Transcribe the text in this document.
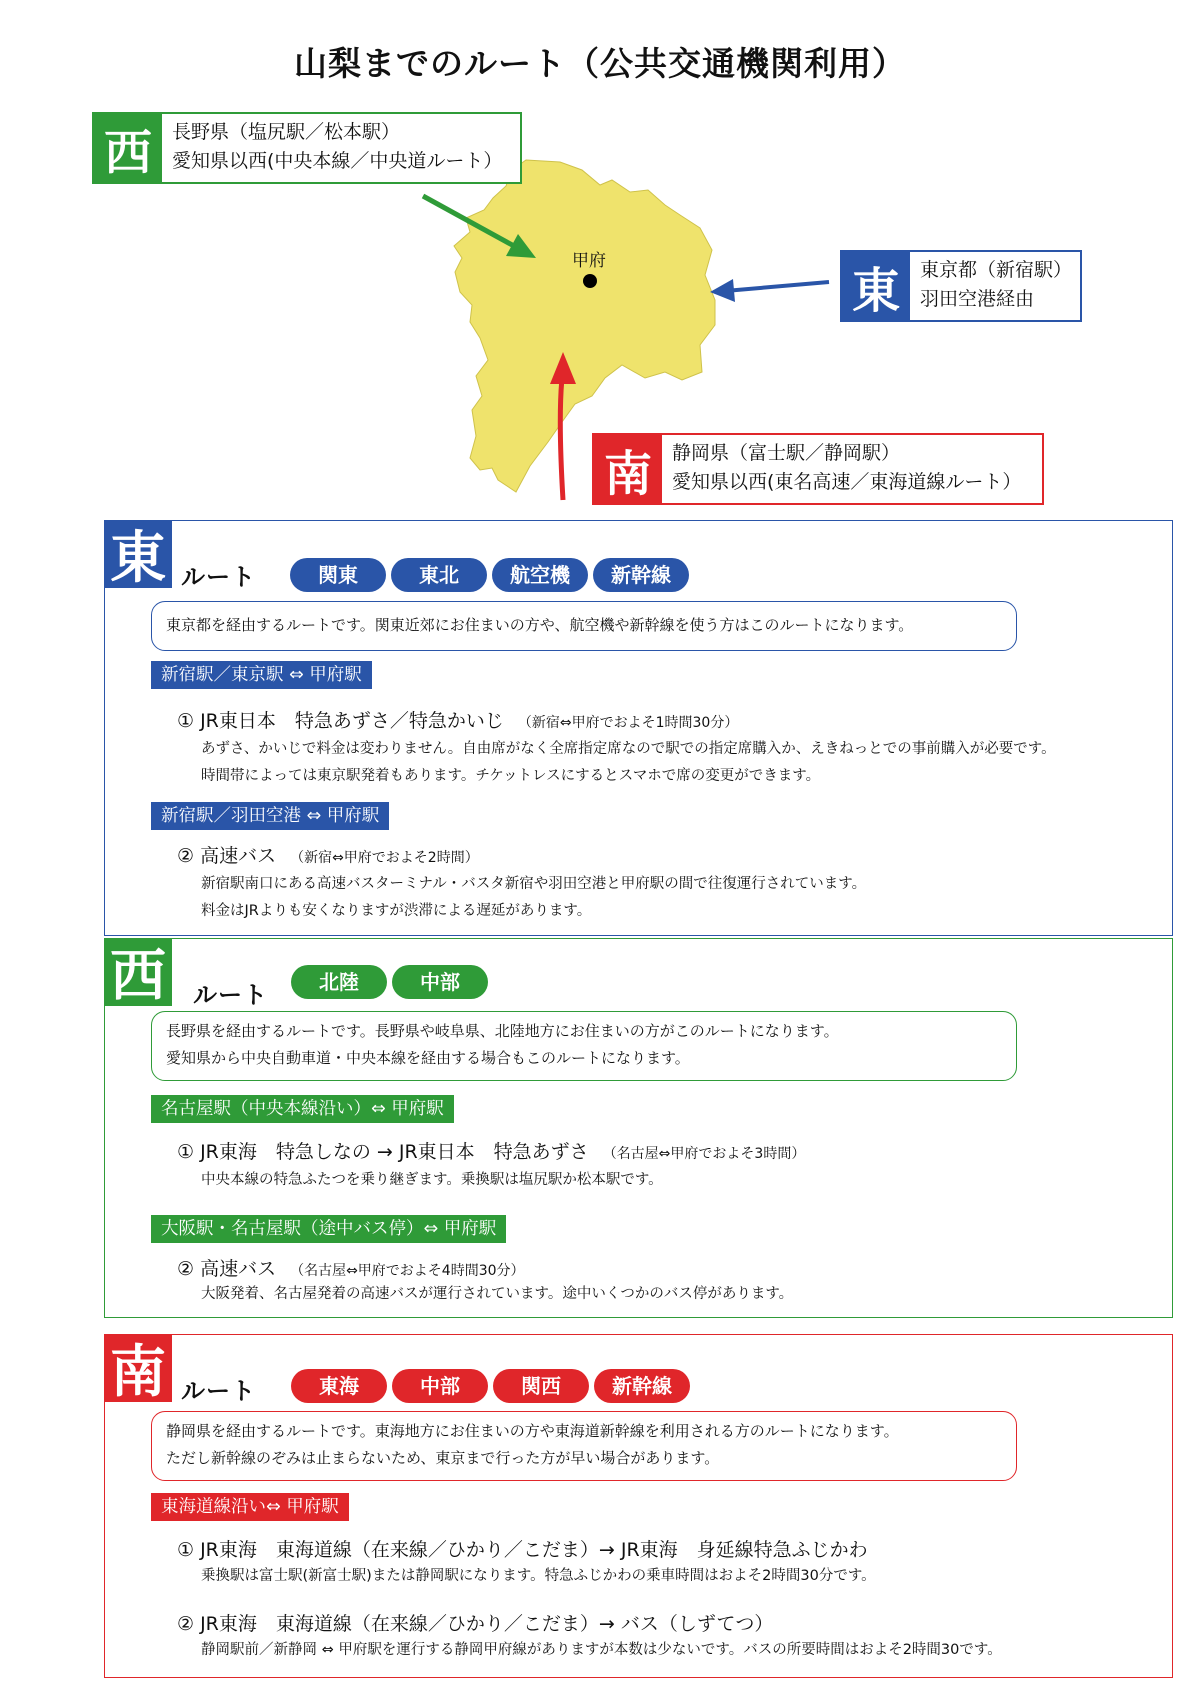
山梨までのルート（公共交通機関利用）
甲府
西	長野県（塩尻駅／松本駅）
愛知県以西(中央本線／中央道ルート）
東	東京都（新宿駅）
羽田空港経由
南	静岡県（富士駅／静岡駅）
愛知県以西(東名高速／東海道線ルート）
東 ルート	関東	東北	航空機	新幹線
東京都を経由するルートです。関東近郊にお住まいの方や、航空機や新幹線を使う方はこのルートになります。
新宿駅／東京駅 ⇔ 甲府駅
① JR東日本　特急あずさ／特急かいじ （新宿⇔甲府でおよそ1時間30分）
あずさ、かいじで料金は変わりません。自由席がなく全席指定席なので駅での指定席購入か、えきねっとでの事前購入が必要です。
時間帯によっては東京駅発着もあります。チケットレスにするとスマホで席の変更ができます。
新宿駅／羽田空港 ⇔ 甲府駅
② 高速バス （新宿⇔甲府でおよそ2時間）
新宿駅南口にある高速バスターミナル・バスタ新宿や羽田空港と甲府駅の間で往復運行されています。
料金はJRよりも安くなりますが渋滞による遅延があります。
西 ルート	北陸	中部
長野県を経由するルートです。長野県や岐阜県、北陸地方にお住まいの方がこのルートになります。
愛知県から中央自動車道・中央本線を経由する場合もこのルートになります。
名古屋駅（中央本線沿い）⇔ 甲府駅
① JR東海　特急しなの → JR東日本　特急あずさ （名古屋⇔甲府でおよそ3時間）
中央本線の特急ふたつを乗り継ぎます。乗換駅は塩尻駅か松本駅です。
大阪駅・名古屋駅（途中バス停）⇔ 甲府駅
② 高速バス （名古屋⇔甲府でおよそ4時間30分）
大阪発着、名古屋発着の高速バスが運行されています。途中いくつかのバス停があります。
南 ルート	東海	中部	関西	新幹線
静岡県を経由するルートです。東海地方にお住まいの方や東海道新幹線を利用される方のルートになります。
ただし新幹線のぞみは止まらないため、東京まで行った方が早い場合があります。
東海道線沿い⇔ 甲府駅
① JR東海　東海道線（在来線／ひかり／こだま）→ JR東海　身延線特急ふじかわ
乗換駅は富士駅(新富士駅)または静岡駅になります。特急ふじかわの乗車時間はおよそ2時間30分です。
② JR東海　東海道線（在来線／ひかり／こだま）→ バス（しずてつ）
静岡駅前／新静岡 ⇔ 甲府駅を運行する静岡甲府線がありますが本数は少ないです。バスの所要時間はおよそ2時間30です。
